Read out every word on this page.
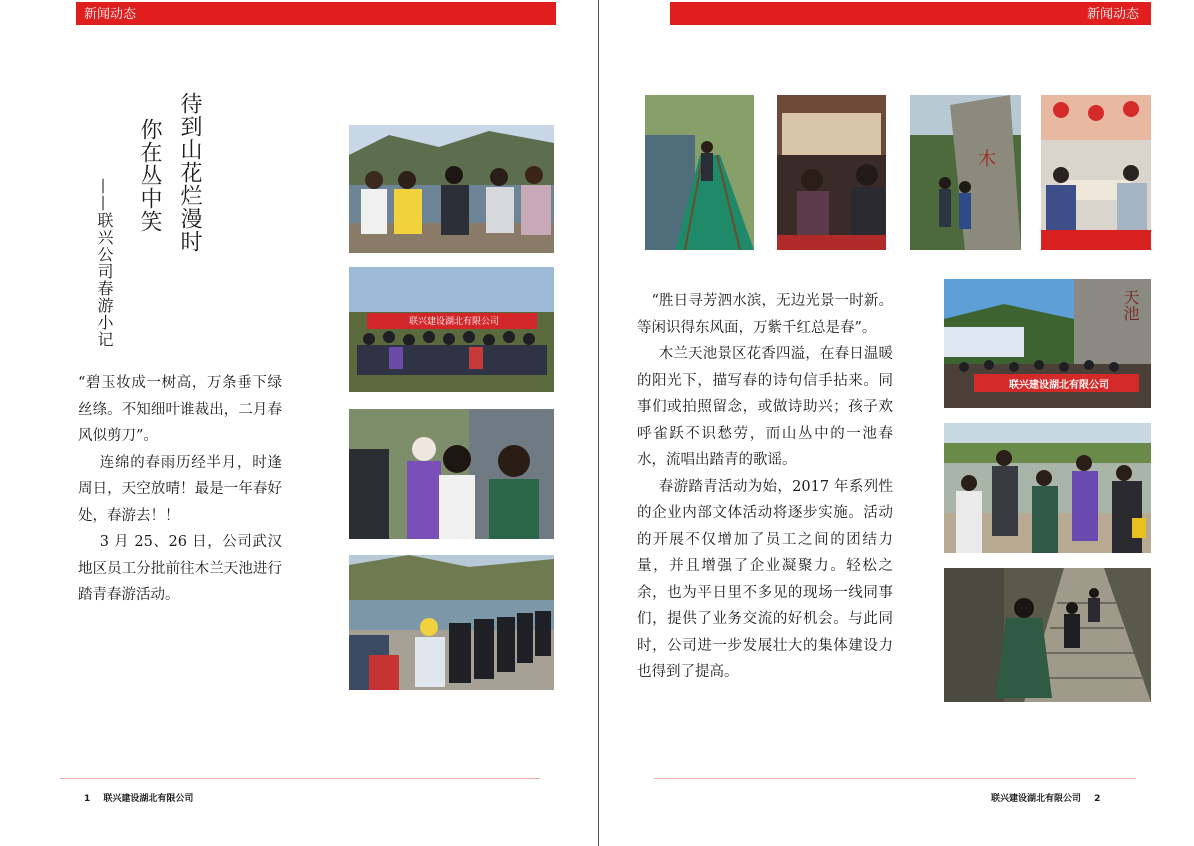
新闻动态
待到山花烂漫时
你在丛中笑
——联兴公司春游小记

“碧玉妆成一树高，万条垂下绿丝绦。不知细叶谁裁出，二月春风似剪刀”。

连绵的春雨历经半月，时逢周日，天空放晴！最是一年春好处，春游去！！

3 月 25、26 日，公司武汉地区员工分批前往木兰天池进行踏青春游活动。

联兴建设湖北有限公司
1 联兴建设湖北有限公司
新闻动态
木

“胜日寻芳泗水滨，无边光景一时新。等闲识得东风面，万紫千红总是春”。

木兰天池景区花香四溢，在春日温暖的阳光下，描写春的诗句信手拈来。同事们或拍照留念，或做诗助兴；孩子欢呼雀跃不识愁劳，而山丛中的一池春水，流唱出踏青的歌谣。

春游踏青活动为始，2017 年系列性的企业内部文体活动将逐步实施。活动的开展不仅增加了员工之间的团结力量，并且增强了企业凝聚力。轻松之余，也为平日里不多见的现场一线同事们，提供了业务交流的好机会。与此同时，公司进一步发展壮大的集体建设力也得到了提高。

天池
联兴建设湖北有限公司
联兴建设湖北有限公司 2
